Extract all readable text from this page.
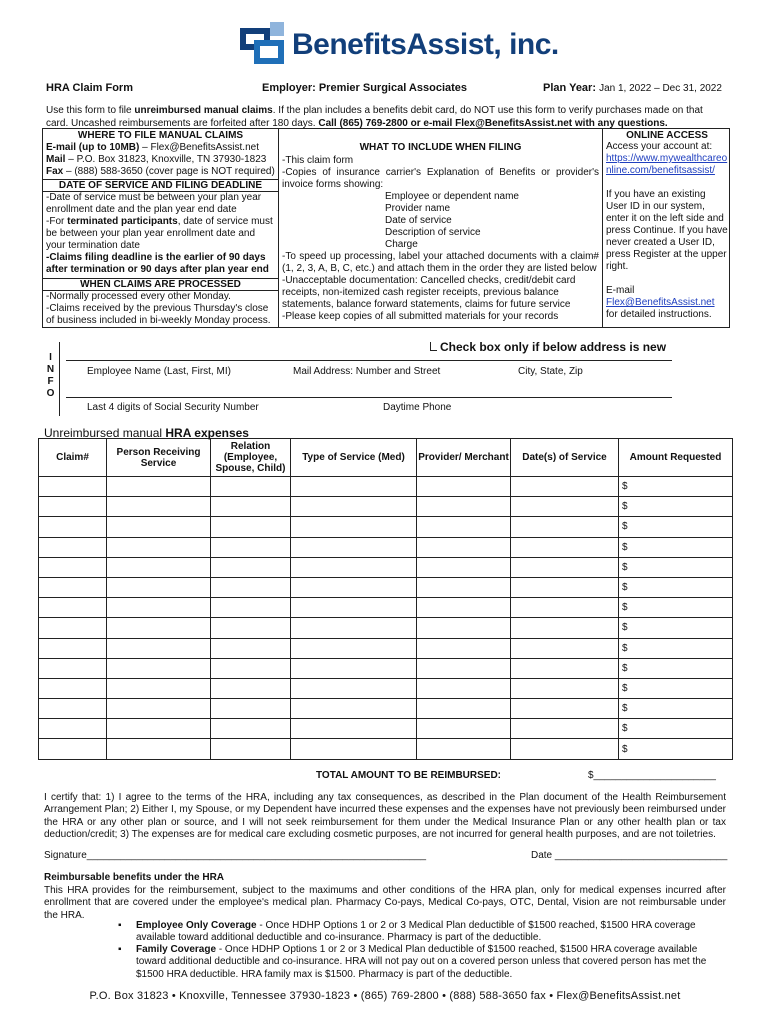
BenefitsAssist, inc.
HRA Claim Form	Employer: Premier Surgical Associates	Plan Year: Jan 1, 2022 – Dec 31, 2022
Use this form to file unreimbursed manual claims. If the plan includes a benefits debit card, do NOT use this form to verify purchases made on that card. Uncashed reimbursements are forfeited after 180 days. Call (865) 769-2800 or e-mail Flex@BenefitsAssist.net with any questions.
WHERE TO FILE MANUAL CLAIMS
E-mail (up to 10MB) – Flex@BenefitsAssist.net
Mail – P.O. Box 31823, Knoxville, TN 37930-1823
Fax – (888) 588-3650 (cover page is NOT required)
DATE OF SERVICE AND FILING DEADLINE
-Date of service must be between your plan year enrollment date and the plan year end date
-For terminated participants, date of service must be between your plan year enrollment date and your termination date
-Claims filing deadline is the earlier of 90 days after termination or 90 days after plan year end
WHEN CLAIMS ARE PROCESSED
-Normally processed every other Monday.
-Claims received by the previous Thursday's close of business included in bi-weekly Monday process.
WHAT TO INCLUDE WHEN FILING
-This claim form
-Copies of insurance carrier's Explanation of Benefits or provider's invoice forms showing:
Employee or dependent name
Provider name
Date of service
Description of service
Charge
-To speed up processing, label your attached documents with a claim# (1, 2, 3, A, B, C, etc.) and attach them in the order they are listed below
-Unacceptable documentation: Cancelled checks, credit/debit card receipts, non-itemized cash register receipts, previous balance statements, balance forward statements, claims for future service
-Please keep copies of all submitted materials for your records
ONLINE ACCESS
Access your account at:
https://www.mywealthcareonline.com/benefitsassist/
If you have an existing User ID in our system, enter it on the left side and press Continue. If you have never created a User ID, press Register at the upper right.
E-mail
Flex@BenefitsAssist.net
for detailed instructions.
I
N
F
O
Check box only if below address is new
Employee Name (Last, First, MI)	Mail Address: Number and Street	City, State, Zip
Last 4 digits of Social Security Number	Daytime Phone
Unreimbursed manual HRA expenses
Claim#	Person Receiving Service	Relation (Employee, Spouse, Child)	Type of Service (Med)	Provider/ Merchant	Date(s) of Service	Amount Requested
						$
						$
						$
						$
						$
						$
						$
						$
						$
						$
						$
						$
						$
						$
TOTAL AMOUNT TO BE REIMBURSED:	$______________________
I certify that: 1) I agree to the terms of the HRA, including any tax consequences, as described in the Plan document of the Health Reimbursement Arrangement Plan; 2) Either I, my Spouse, or my Dependent have incurred these expenses and the expenses have not previously been reimbursed under the HRA or any other plan or source, and I will not seek reimbursement for them under the Medical Insurance Plan or any other health plan or tax deduction/credit; 3) The expenses are for medical care excluding cosmetic purposes, are not incurred for general health purposes, and are not toiletries.
Signature_____________________________________________________________	Date _______________________________
Reimbursable benefits under the HRA
This HRA provides for the reimbursement, subject to the maximums and other conditions of the HRA plan, only for medical expenses incurred after enrollment that are covered under the employee's medical plan. Pharmacy Co-pays, Medical Co-pays, OTC, Dental, Vision are not reimbursable under the HRA.
▪ Employee Only Coverage - Once HDHP Options 1 or 2 or 3 Medical Plan deductible of $1500 reached, $1500 HRA coverage available toward additional deductible and co-insurance. Pharmacy is part of the deductible.
▪ Family Coverage - Once HDHP Options 1 or 2 or 3 Medical Plan deductible of $1500 reached, $1500 HRA coverage available toward additional deductible and co-insurance. HRA will not pay out on a covered person unless that covered person has met the $1500 HRA deductible. HRA family max is $1500. Pharmacy is part of the deductible.
P.O. Box 31823 • Knoxville, Tennessee 37930-1823 • (865) 769-2800 • (888) 588-3650 fax • Flex@BenefitsAssist.net
